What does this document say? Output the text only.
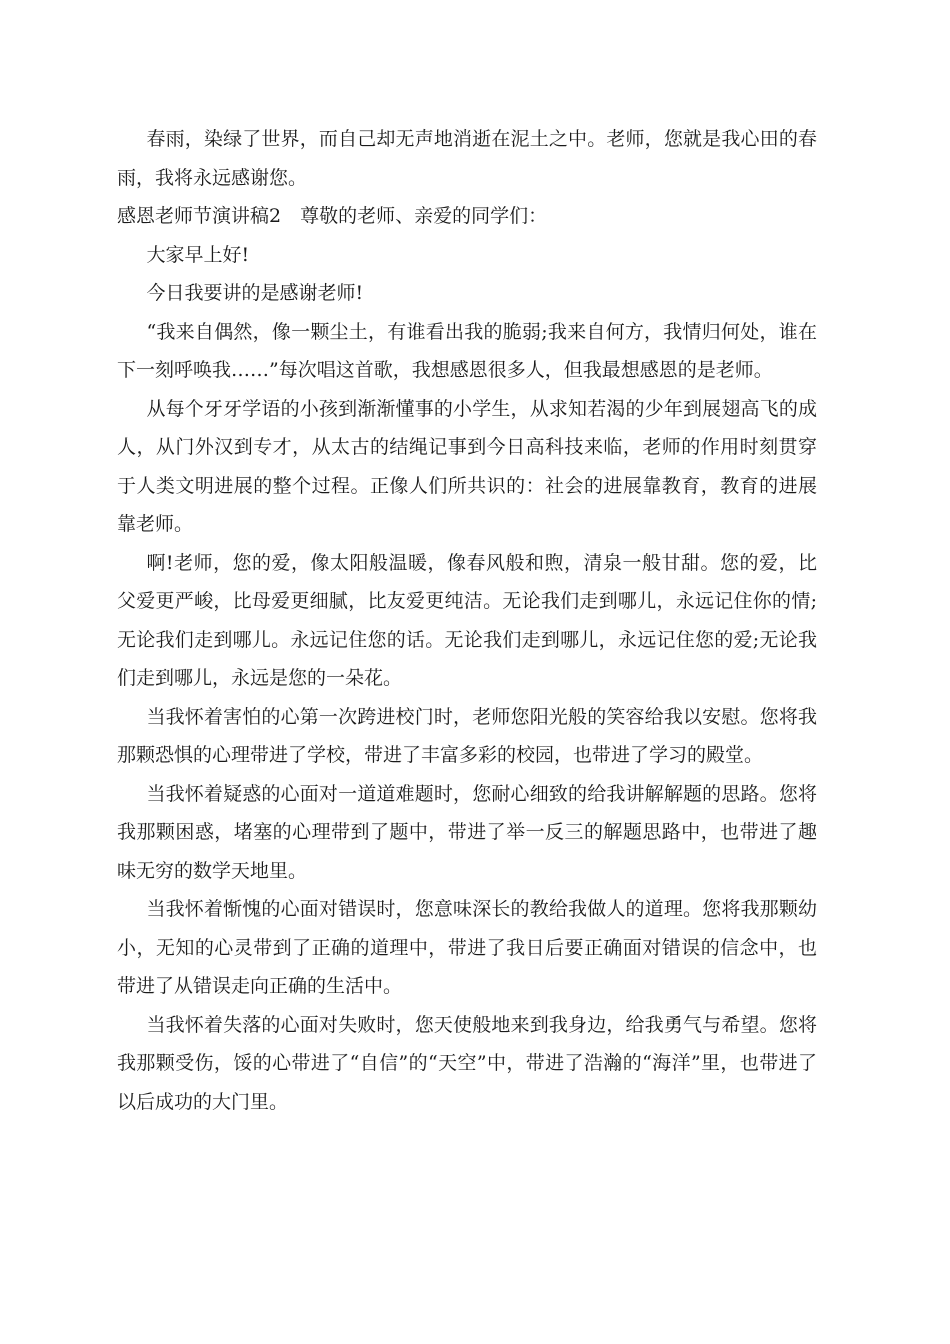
春雨，染绿了世界，而自己却无声地消逝在泥土之中。老师，您就是我心田的春雨，我将永远感谢您。

感恩老师节演讲稿2　尊敬的老师、亲爱的同学们：

大家早上好!

今日我要讲的是感谢老师!

“我来自偶然，像一颗尘土，有谁看出我的脆弱;我来自何方，我情归何处，谁在下一刻呼唤我……”每次唱这首歌，我想感恩很多人，但我最想感恩的是老师。

从每个牙牙学语的小孩到渐渐懂事的小学生，从求知若渴的少年到展翅高飞的成人，从门外汉到专才，从太古的结绳记事到今日高科技来临，老师的作用时刻贯穿于人类文明进展的整个过程。正像人们所共识的：社会的进展靠教育，教育的进展靠老师。

啊!老师，您的爱，像太阳般温暖，像春风般和煦，清泉一般甘甜。您的爱，比父爱更严峻，比母爱更细腻，比友爱更纯洁。无论我们走到哪儿，永远记住你的情;无论我们走到哪儿。永远记住您的话。无论我们走到哪儿，永远记住您的爱;无论我们走到哪儿，永远是您的一朵花。

当我怀着害怕的心第一次跨进校门时，老师您阳光般的笑容给我以安慰。您将我那颗恐惧的心理带进了学校，带进了丰富多彩的校园，也带进了学习的殿堂。

当我怀着疑惑的心面对一道道难题时，您耐心细致的给我讲解解题的思路。您将我那颗困惑，堵塞的心理带到了题中，带进了举一反三的解题思路中，也带进了趣味无穷的数学天地里。

当我怀着惭愧的心面对错误时，您意味深长的教给我做人的道理。您将我那颗幼小，无知的心灵带到了正确的道理中，带进了我日后要正确面对错误的信念中，也带进了从错误走向正确的生活中。

当我怀着失落的心面对失败时，您天使般地来到我身边，给我勇气与希望。您将我那颗受伤，馁的心带进了“自信”的“天空”中，带进了浩瀚的“海洋”里，也带进了以后成功的大门里。
